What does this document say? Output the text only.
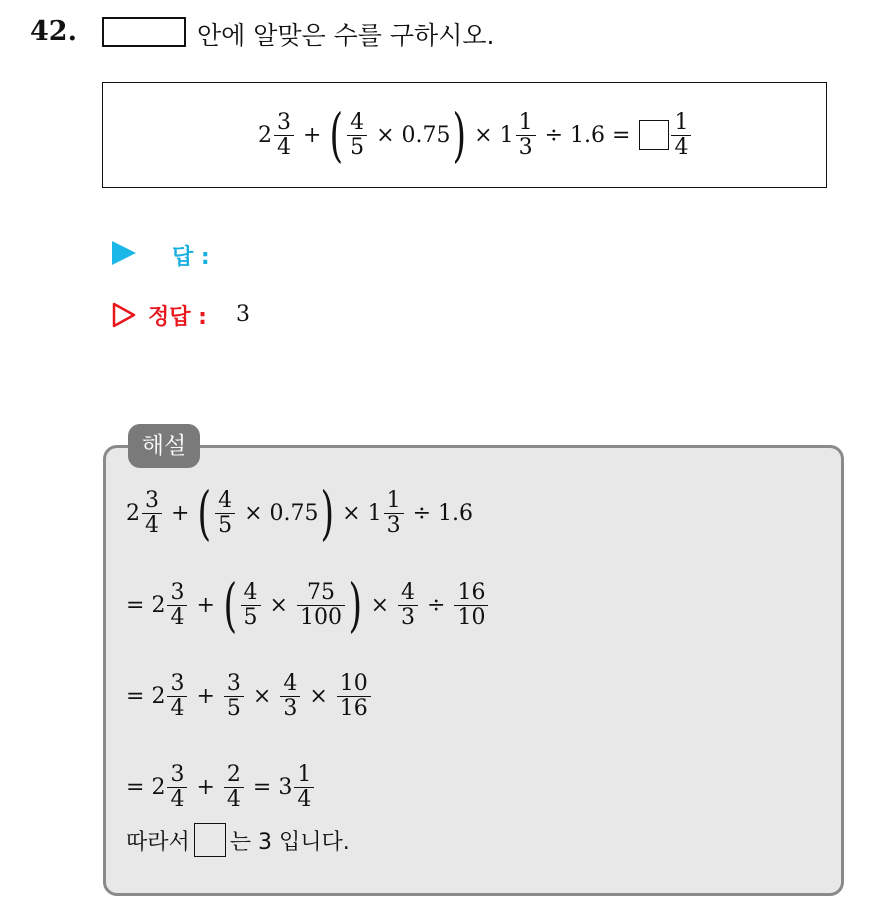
42.	안에 알맞은 수를 구하시오.
$2 \frac{3}{4}$ + ( $\frac{4}{5} \times 0.75$ ) × $1 \frac{1}{3} \div 1.6 = \frac{1}{4}$
답 :
정답 : 3
해설
$2 \frac{3}{4}$ + ( $\frac{4}{5} \times 0.75$ ) × $1 \frac{1}{3} \div 1.6$
= $2 \frac{3}{4}$ + ( $\frac{4}{5} \times \frac{75}{100}$ ) × $\frac{4}{3} \div \frac{16}{10}$
= $2 \frac{3}{4} + \frac{3}{5} \times \frac{4}{3} \times \frac{10}{16}$
= $2 \frac{3}{4} + \frac{2}{4} = 3 \frac{1}{4}$
따라서 는 3 입니다.
